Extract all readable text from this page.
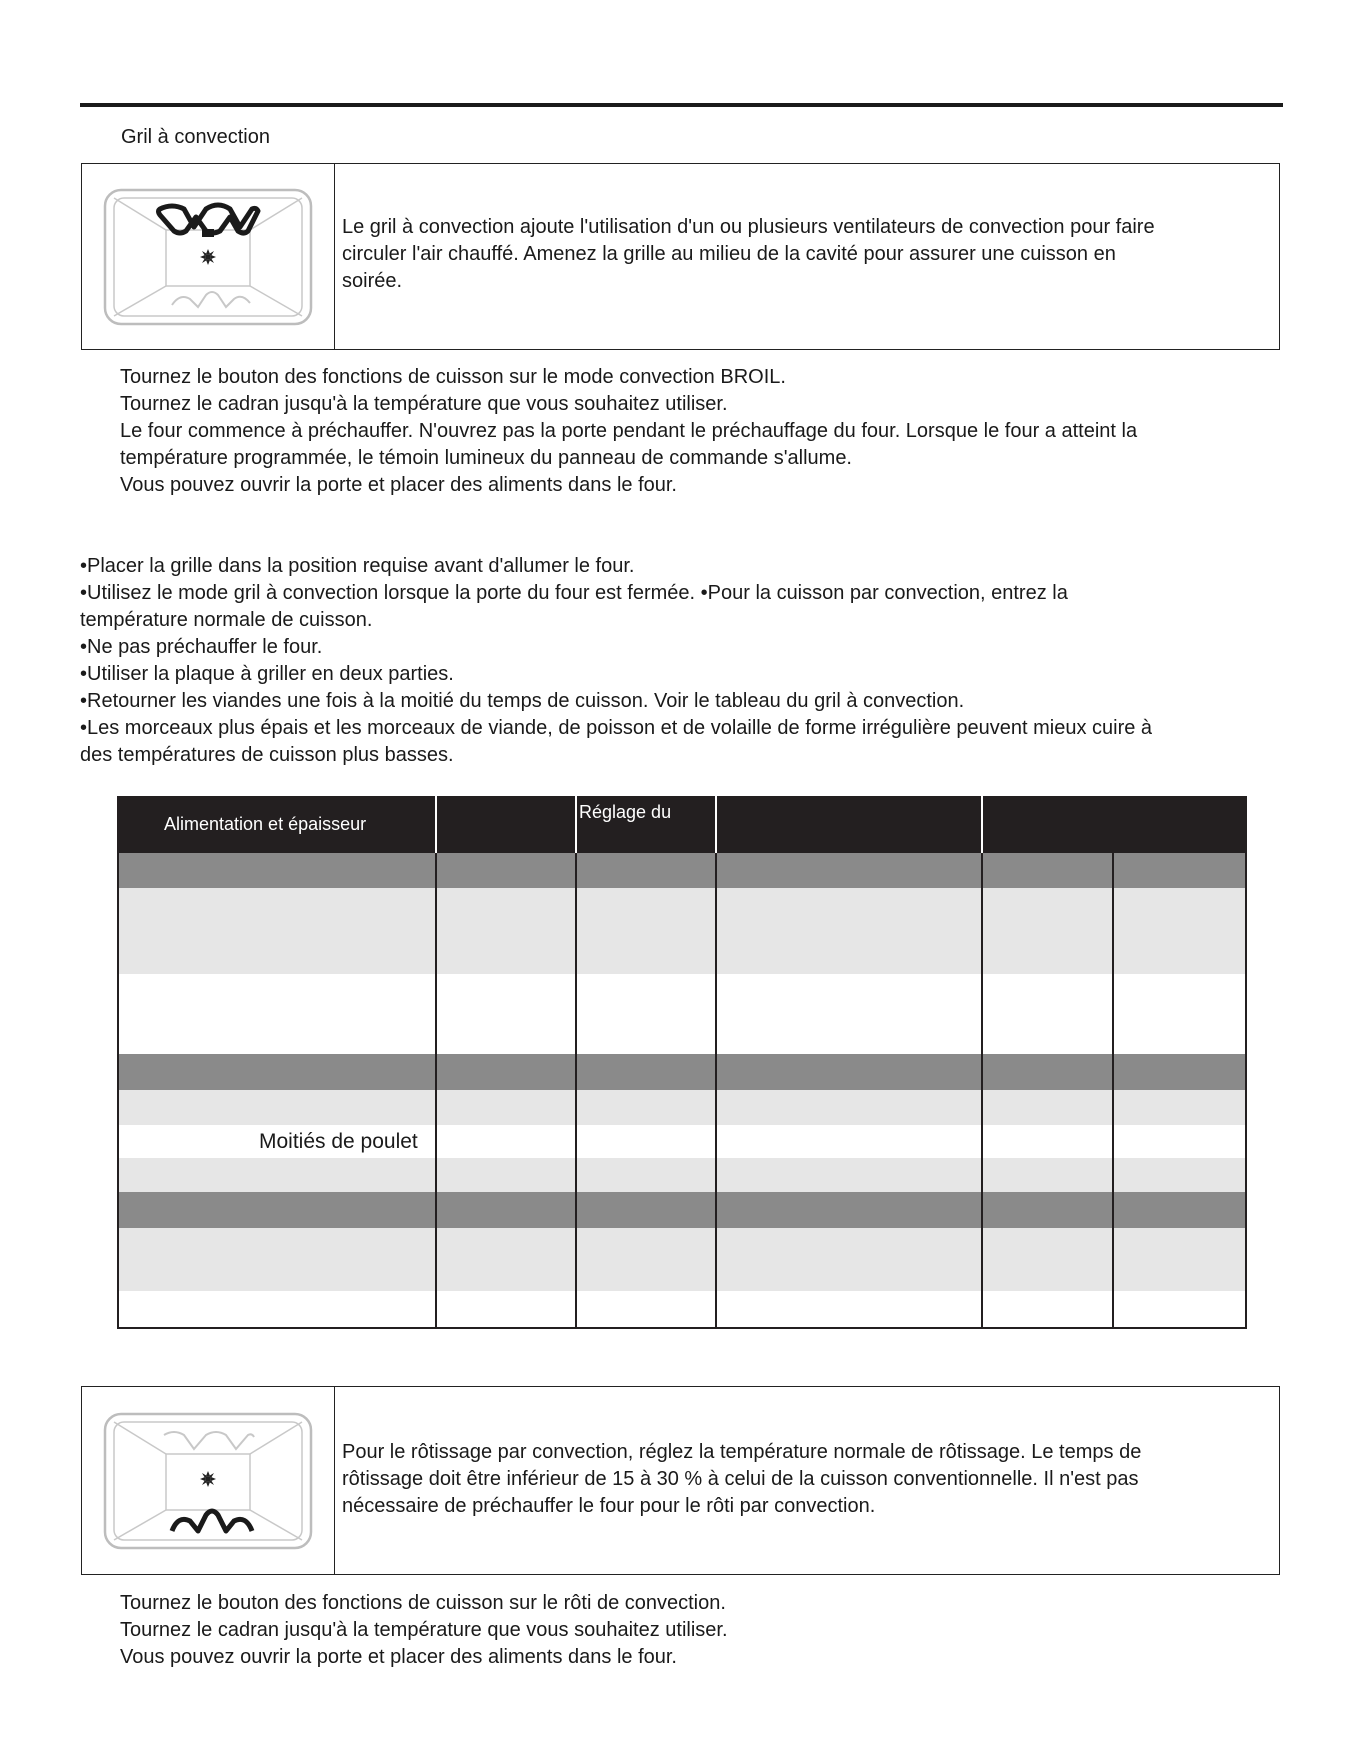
Gril à convection
Le gril à convection ajoute l'utilisation d'un ou plusieurs ventilateurs de convection pour faire
circuler l'air chauffé. Amenez la grille au milieu de la cavité pour assurer une cuisson en
soirée.
Tournez le bouton des fonctions de cuisson sur le mode convection BROIL.
Tournez le cadran jusqu'à la température que vous souhaitez utiliser.
Le four commence à préchauffer. N'ouvrez pas la porte pendant le préchauffage du four. Lorsque le four a atteint la
température programmée, le témoin lumineux du panneau de commande s'allume.
Vous pouvez ouvrir la porte et placer des aliments dans le four.
•Placer la grille dans la position requise avant d'allumer le four.
•Utilisez le mode gril à convection lorsque la porte du four est fermée. •Pour la cuisson par convection, entrez la
température normale de cuisson.
•Ne pas préchauffer le four.
•Utiliser la plaque à griller en deux parties.
•Retourner les viandes une fois à la moitié du temps de cuisson. Voir le tableau du gril à convection.
•Les morceaux plus épais et les morceaux de viande, de poisson et de volaille de forme irrégulière peuvent mieux cuire à
des températures de cuisson plus basses.
Alimentation et épaisseur
Réglage du
Moitiés de poulet
Pour le rôtissage par convection, réglez la température normale de rôtissage. Le temps de
rôtissage doit être inférieur de 15 à 30 % à celui de la cuisson conventionnelle. Il n'est pas
nécessaire de préchauffer le four pour le rôti par convection.
Tournez le bouton des fonctions de cuisson sur le rôti de convection.
Tournez le cadran jusqu'à la température que vous souhaitez utiliser.
Vous pouvez ouvrir la porte et placer des aliments dans le four.
